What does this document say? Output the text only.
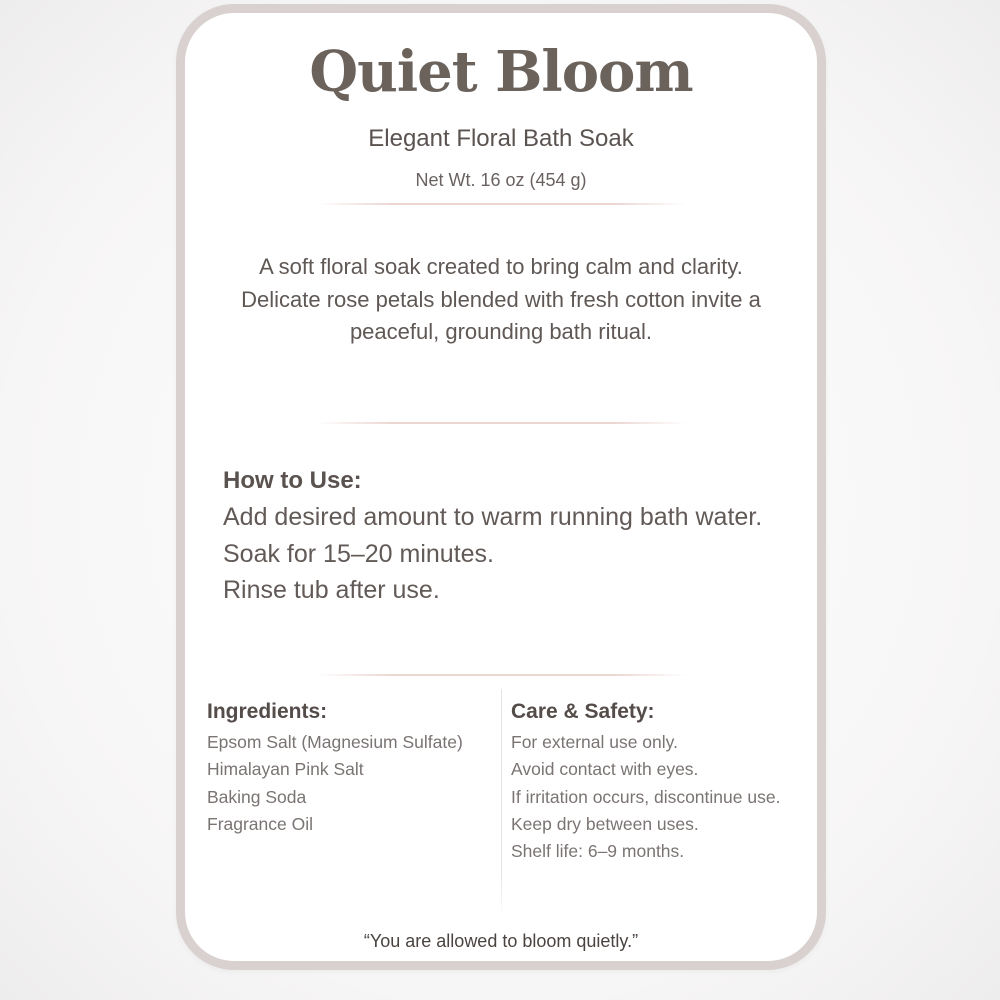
Quiet Bloom
Elegant Floral Bath Soak
Net Wt. 16 oz (454 g)

A soft floral soak created to bring calm and clarity.

Delicate rose petals blended with fresh cotton invite a peaceful, grounding bath ritual.

How to Use:

Add desired amount to warm running bath water.

Soak for 15–20 minutes.

Rinse tub after use.

Ingredients:
Epsom Salt (Magnesium Sulfate)
Himalayan Pink Salt
Baking Soda
Fragrance Oil
Care & Safety:
For external use only.
Avoid contact with eyes.
If irritation occurs, discontinue use.
Keep dry between uses.
Shelf life: 6–9 months.
“You are allowed to bloom quietly.”
